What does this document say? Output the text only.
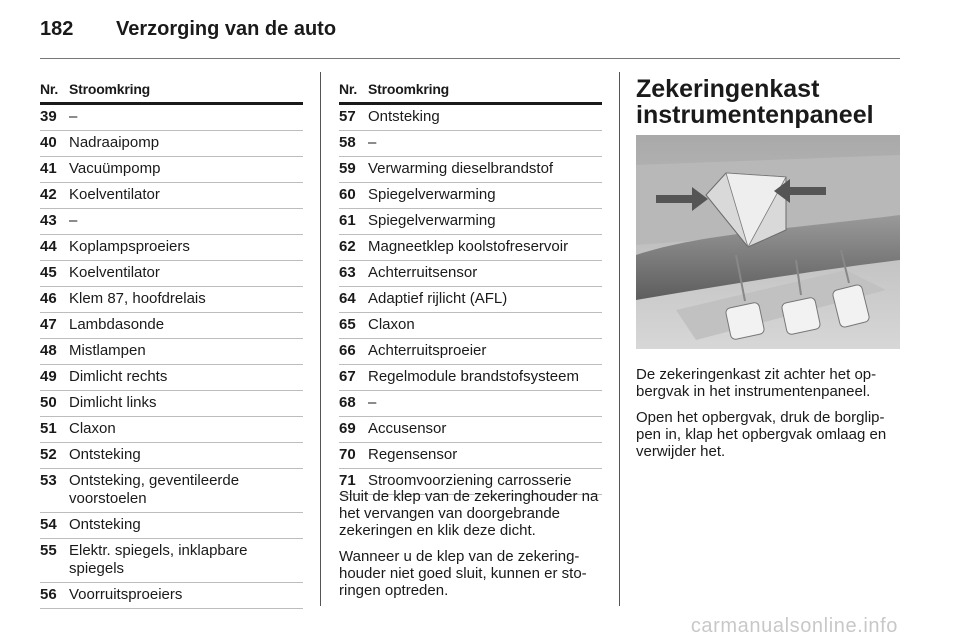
182 Verzorging van de auto
Nr. Stroomkring
39 –
40 Nadraaipomp
41 Vacuümpomp
42 Koelventilator
43 –
44 Koplampsproeiers
45 Koelventilator
46 Klem 87, hoofdrelais
47 Lambdasonde
48 Mistlampen
49 Dimlicht rechts
50 Dimlicht links
51 Claxon
52 Ontsteking
53 Ontsteking, geventileerde voorstoelen
54 Ontsteking
55 Elektr. spiegels, inklapbare spiegels
56 Voorruitsproeiers
Nr. Stroomkring
57 Ontsteking
58 –
59 Verwarming dieselbrandstof
60 Spiegelverwarming
61 Spiegelverwarming
62 Magneetklep koolstofreservoir
63 Achterruitsensor
64 Adaptief rijlicht (AFL)
65 Claxon
66 Achterruitsproeier
67 Regelmodule brandstofsysteem
68 –
69 Accusensor
70 Regensensor
71 Stroomvoorziening carrosserie

Sluit de klep van de zekeringhouder na het vervangen van doorgebrande zekeringen en klik deze dicht.

Wanneer u de klep van de zekering-houder niet goed sluit, kunnen er sto-ringen optreden.

Zekeringenkast instrumentenpaneel

De zekeringenkast zit achter het op-bergvak in het instrumentenpaneel.

Open het opbergvak, druk de borglip-pen in, klap het opbergvak omlaag en verwijder het.

carmanualsonline.info
